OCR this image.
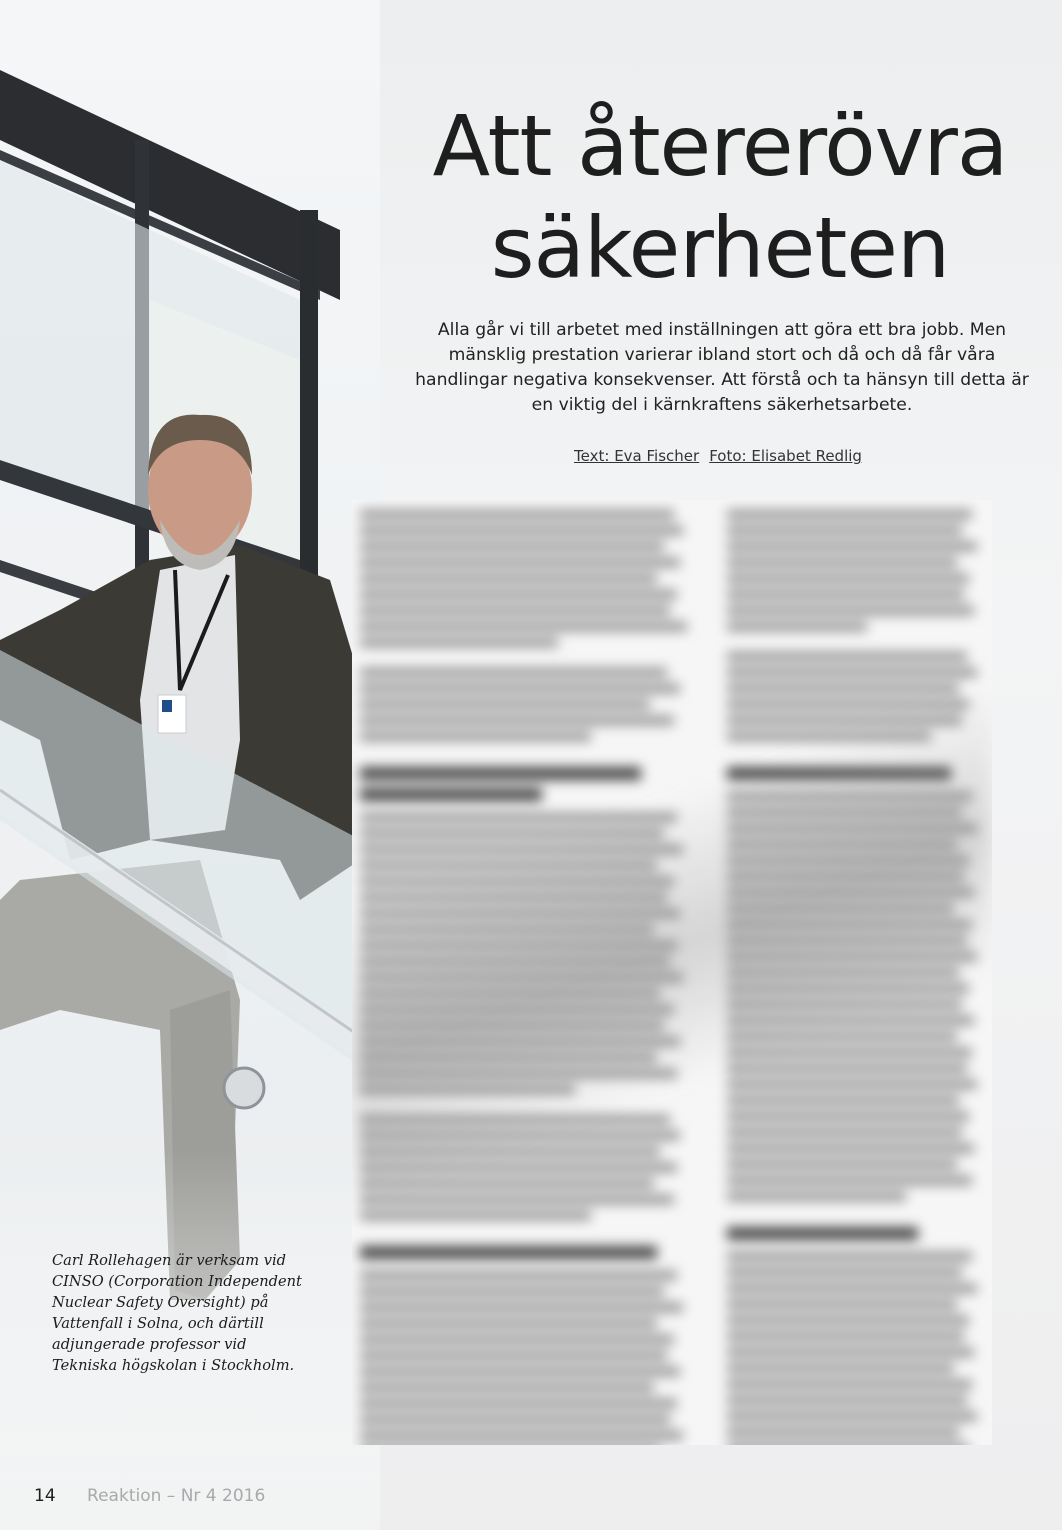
Att återerövra
säkerheten

Alla går vi till arbetet med inställningen att göra ett bra jobb. Men mänsklig prestation varierar ibland stort och då och då får våra handlingar negativa konsekvenser. Att förstå och ta hänsyn till detta är en viktig del i kärnkraftens säkerhetsarbete.

Text: Eva Fischer Foto: Elisabet Redlig

Carl Rollehagen är verksam vid CINSO (Corporation Independent Nuclear Safety Oversight) på Vattenfall i Solna, och därtill adjungerade professor vid Tekniska högskolan i Stockholm.

14 Reaktion – Nr 4 2016
